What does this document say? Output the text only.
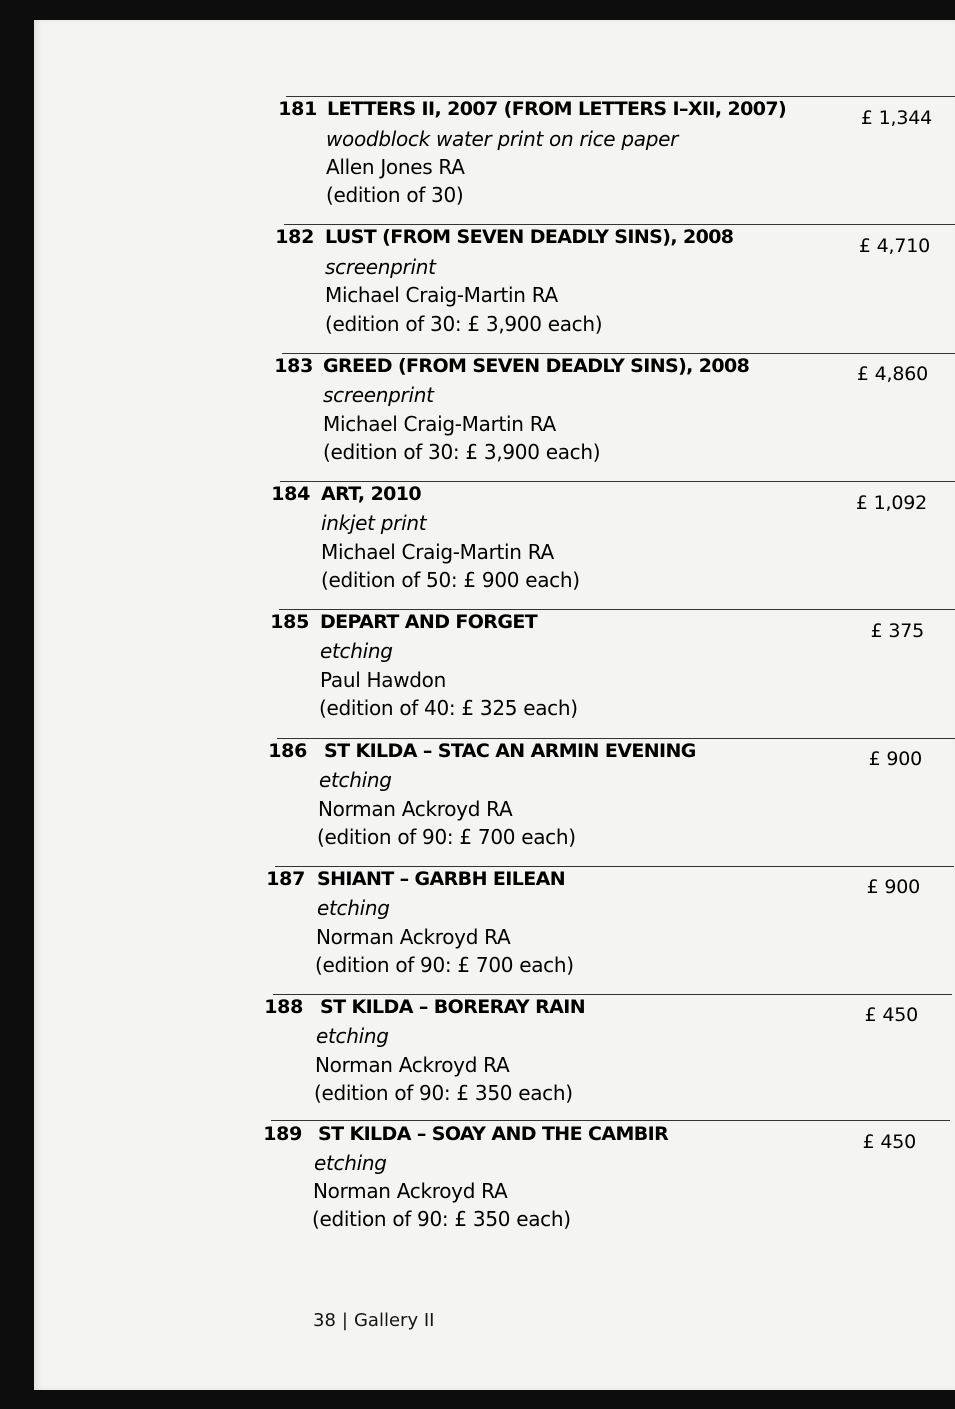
181 LETTERS II, 2007 (FROM LETTERS I–XII, 2007)
woodblock water print on rice paper
Allen Jones RA
(edition of 30)
£ 1,344
182 LUST (FROM SEVEN DEADLY SINS), 2008
screenprint
Michael Craig-Martin RA
(edition of 30: £ 3,900 each)
£ 4,710
183 GREED (FROM SEVEN DEADLY SINS), 2008
screenprint
Michael Craig-Martin RA
(edition of 30: £ 3,900 each)
£ 4,860
184 ART, 2010
inkjet print
Michael Craig-Martin RA
(edition of 50: £ 900 each)
£ 1,092
185 DEPART AND FORGET
etching
Paul Hawdon
(edition of 40: £ 325 each)
£ 375
186 ST KILDA – STAC AN ARMIN EVENING
etching
Norman Ackroyd RA
(edition of 90: £ 700 each)
£ 900
187 SHIANT – GARBH EILEAN
etching
Norman Ackroyd RA
(edition of 90: £ 700 each)
£ 900
188 ST KILDA – BORERAY RAIN
etching
Norman Ackroyd RA
(edition of 90: £ 350 each)
£ 450
189 ST KILDA – SOAY AND THE CAMBIR
etching
Norman Ackroyd RA
(edition of 90: £ 350 each)
£ 450
38 | Gallery II
